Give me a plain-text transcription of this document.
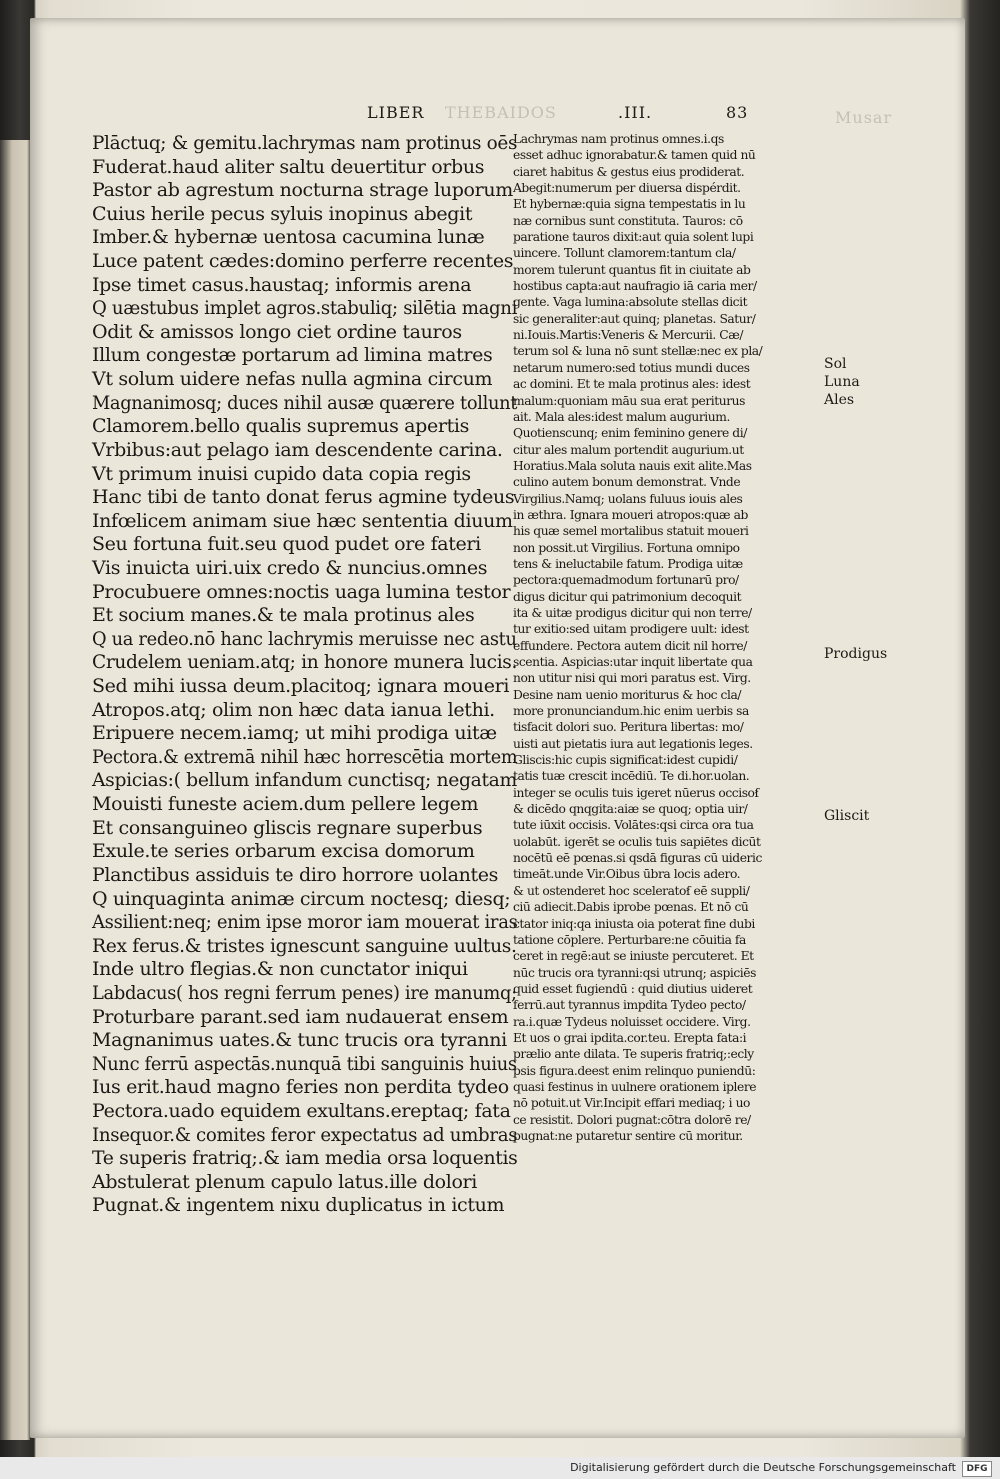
THEBAIDOS	Musar
LIBER	.III.	83
Plāctuq; & gemitu.lachrymas nam protinus oēs
Fuderat.haud aliter saltu deuertitur orbus
Pastor ab agrestum nocturna strage luporum
Cuius herile pecus syluis inopinus abegit
Imber.& hybernæ uentosa cacumina lunæ
Luce patent cædes:domino perferre recentes
Ipse timet casus.haustaq; informis arena
Q uæstubus implet agros.stabuliq; silētia magni
Odit & amissos longo ciet ordine tauros
Illum congestæ portarum ad limina matres
Vt solum uidere nefas nulla agmina circum
Magnanimosq; duces nihil ausæ quærere tollunt
Clamorem.bello qualis supremus apertis
Vrbibus:aut pelago iam descendente carina.
Vt primum inuisi cupido data copia regis
Hanc tibi de tanto donat ferus agmine tydeus
Infœlicem animam siue hæc sententia diuum
Seu fortuna fuit.seu quod pudet ore fateri
Vis inuicta uiri.uix credo & nuncius.omnes
Procubuere omnes:noctis uaga lumina testor
Et socium manes.& te mala protinus ales
Q ua redeo.nō hanc lachrymis meruisse nec astu
Crudelem ueniam.atq; in honore munera lucis.
Sed mihi iussa deum.placitoq; ignara moueri
Atropos.atq; olim non hæc data ianua lethi.
Eripuere necem.iamq; ut mihi prodiga uitæ
Pectora.& extremā nihil hæc horrescētia mortem
Aspicias:( bellum infandum cunctisq; negatam
Mouisti funeste aciem.dum pellere legem
Et consanguineo gliscis regnare superbus
Exule.te series orbarum excisa domorum
Planctibus assiduis te diro horrore uolantes
Q uinquaginta animæ circum noctesq; diesq;
Assilient:neq; enim ipse moror iam mouerat iras
Rex ferus.& tristes ignescunt sanguine uultus.
Inde ultro flegias.& non cunctator iniqui
Labdacus( hos regni ferrum penes) ire manumq;
Proturbare parant.sed iam nudauerat ensem
Magnanimus uates.& tunc trucis ora tyranni
Nunc ferrū aspectās.nunquā tibi sanguinis huius
Ius erit.haud magno feries non perdita tydeo
Pectora.uado equidem exultans.ereptaq; fata
Insequor.& comites feror expectatus ad umbras
Te superis fratriq;.& iam media orsa loquentis
Abstulerat plenum capulo latus.ille dolori
Pugnat.& ingentem nixu duplicatus in ictum
Lachrymas nam protinus omnes.i.qs
esset adhuc ignorabatur.& tamen quid nū
ciaret habitus & gestus eius prodiderat.
Abegit:numerum per diuersa dispérdit.
Et hybernæ:quia signa tempestatis in lu
næ cornibus sunt constituta. Tauros: cō
paratione tauros dixit:aut quia solent lupi
uincere. Tollunt clamorem:tantum cla/
morem tulerunt quantus fit in ciuitate ab
hostibus capta:aut naufragio iā caria mer/
gente. Vaga lumina:absolute stellas dicit
sic generaliter:aut quinq; planetas. Satur/
ni.Iouis.Martis:Veneris & Mercurii. Cæ/
terum sol & luna nō sunt stellæ:nec ex pla/
netarum numero:sed totius mundi duces
ac domini. Et te mala protinus ales: idest
malum:quoniam māu sua erat periturus
ait. Mala ales:idest malum augurium.
Quotienscunq; enim feminino genere di/
citur ales malum portendit augurium.ut
Horatius.Mala soluta nauis exit alite.Mas
culino autem bonum demonstrat. Vnde
Virgilius.Namq; uolans fuluus iouis ales
in æthra. Ignara moueri atropos:quæ ab
his quæ semel mortalibus statuit moueri
non possit.ut Virgilius. Fortuna omnipo
tens & ineluctabile fatum. Prodiga uitæ
pectora:quemadmodum fortunarū pro/
digus dicitur qui patrimonium decoquit
ita & uitæ prodigus dicitur qui non terre/
tur exitio:sed uitam prodigere uult: idest
effundere. Pectora autem dicit nil horre/
scentia. Aspicias:utar inquit libertate qua
non utitur nisi qui mori paratus est. Virg.
Desine nam uenio moriturus & hoc cla/
more pronunciandum.hic enim uerbis sa
tisfacit dolori suo. Peritura libertas: mo/
uisti aut pietatis iura aut legationis leges.
Gliscis:hic cupis significat:idest cupidi/
tatis tuæ crescit incēdiū. Te di.hor.uolan.
integer se oculis tuis igeret nūerus occisoẜ
& dicēdo qnqgita:aiæ se quoq; optia uir/
tute iūxit occisis. Volātes:qsi circa ora tua
uolabūt. igerēt se oculis tuis sapiētes dicūt
nocētū eē pœnas.si qsdā figuras cū uideric
timeāt.unde Vir.Oibus ūbra locis adero.
& ut ostenderet hoc sceleratoẜ eē suppli/
ciū adiecit.Dabis iprobe pœnas. Et nō cū
ctator iniq:qa iniusta oia poterat fine dubi
tatione cōplere. Perturbare:ne cōuitia fa
ceret in regē:aut se iniuste percuteret. Et
nūc trucis ora tyranni:qsi utrunq; aspiciēs
quid esset fugiendū : quid diutius uideret
ferrū.aut tyrannus impdita Tydeo pecto/
ra.i.quæ Tydeus noluisset occidere. Virg.
Et uos o grai ipdita.cor.teu. Erepta fata:i
prælio ante dilata. Te superis fratriq;:ecly
psis figura.deest enim relinquo puniendū:
quasi festinus in uulnere orationem iplere
nō potuit.ut Vir.Incipit effari mediaq; i uo
ce resistit. Dolori pugnat:cōtra dolorē re/
pugnat:ne putaretur sentire cū moritur.
Sol
Luna
Ales
Prodigus
Gliscit
Digitalisierung gefördert durch die Deutsche Forschungsgemeinschaft	DFG
